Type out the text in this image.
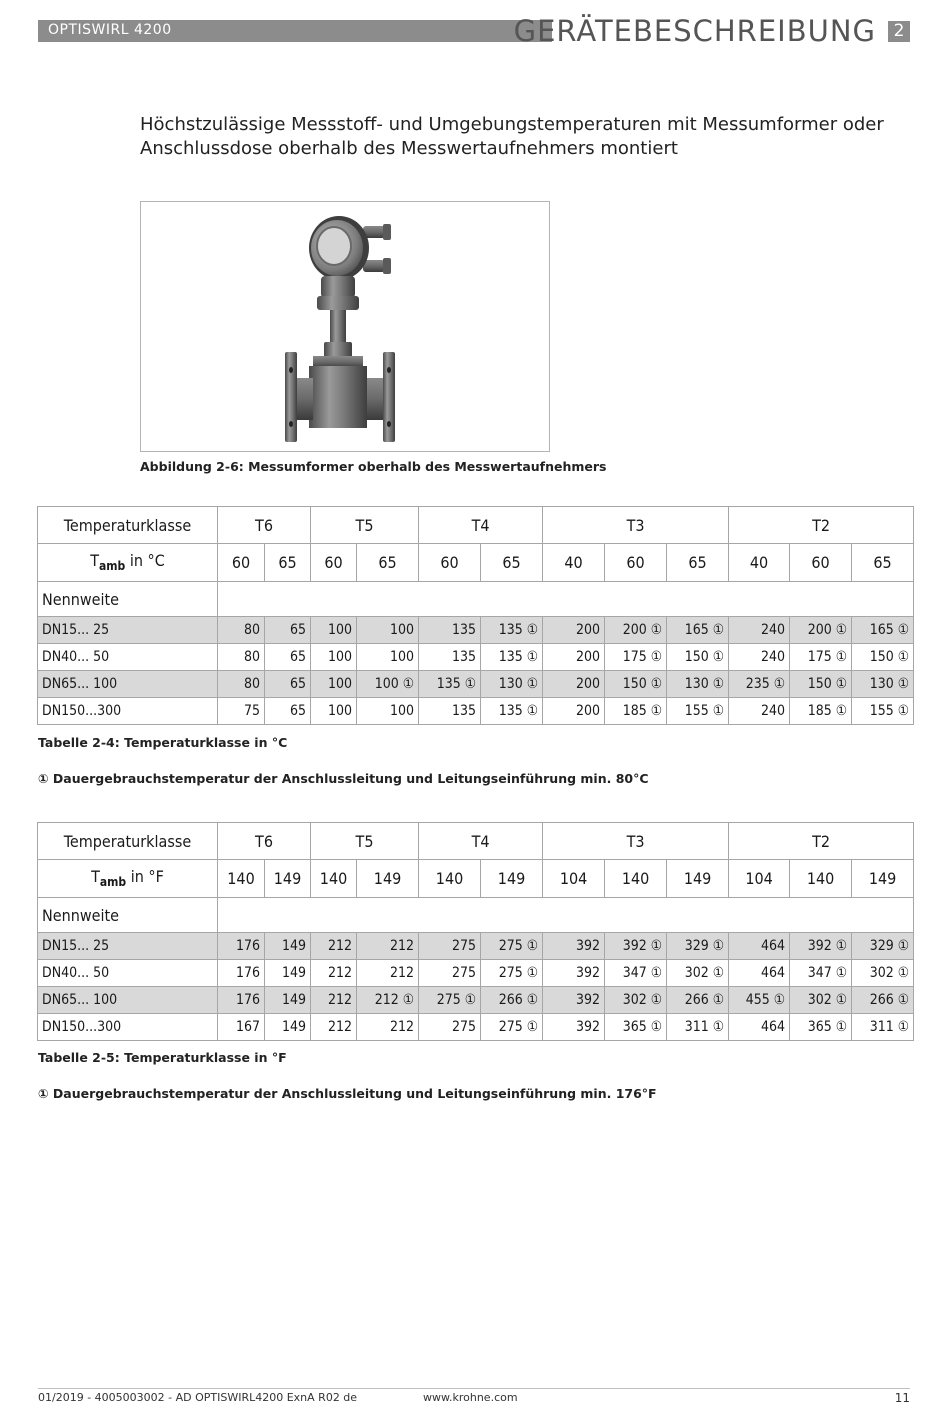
OPTISWIRL 4200	GERÄTEBESCHREIBUNG	2
Höchstzulässige Messstoff- und Umgebungstemperaturen mit Messumformer oder Anschlussdose oberhalb des Messwertaufnehmers montiert
Abbildung 2-6: Messumformer oberhalb des Messwertaufnehmers
Temperaturklasse	T6		T5		T4		T3			T2		
$T_{amb}$ in °C	60	65	60	65	60	65	40	60	65	40	60	65
Nennweite												
DN15... 25	80	65	100	100	135	135 ①	200	200 ①	165 ①	240	200 ①	165 ①
DN40... 50	80	65	100	100	135	135 ①	200	175 ①	150 ①	240	175 ①	150 ①
DN65... 100	80	65	100	100 ①	135 ①	130 ①	200	150 ①	130 ①	235 ①	150 ①	130 ①
DN150...300	75	65	100	100	135	135 ①	200	185 ①	155 ①	240	185 ①	155 ①
Tabelle 2-4: Temperaturklasse in °C
① Dauergebrauchstemperatur der Anschlussleitung und Leitungseinführung min. 80°C
Temperaturklasse	T6		T5		T4		T3			T2		
$T_{amb}$ in °F	140	149	140	149	140	149	104	140	149	104	140	149
Nennweite												
DN15... 25	176	149	212	212	275	275 ①	392	392 ①	329 ①	464	392 ①	329 ①
DN40... 50	176	149	212	212	275	275 ①	392	347 ①	302 ①	464	347 ①	302 ①
DN65... 100	176	149	212	212 ①	275 ①	266 ①	392	302 ①	266 ①	455 ①	302 ①	266 ①
DN150...300	167	149	212	212	275	275 ①	392	365 ①	311 ①	464	365 ①	311 ①
Tabelle 2-5: Temperaturklasse in °F
① Dauergebrauchstemperatur der Anschlussleitung und Leitungseinführung min. 176°F
01/2019 - 4005003002 - AD OPTISWIRL4200 ExnA R02 de	www.krohne.com	11
